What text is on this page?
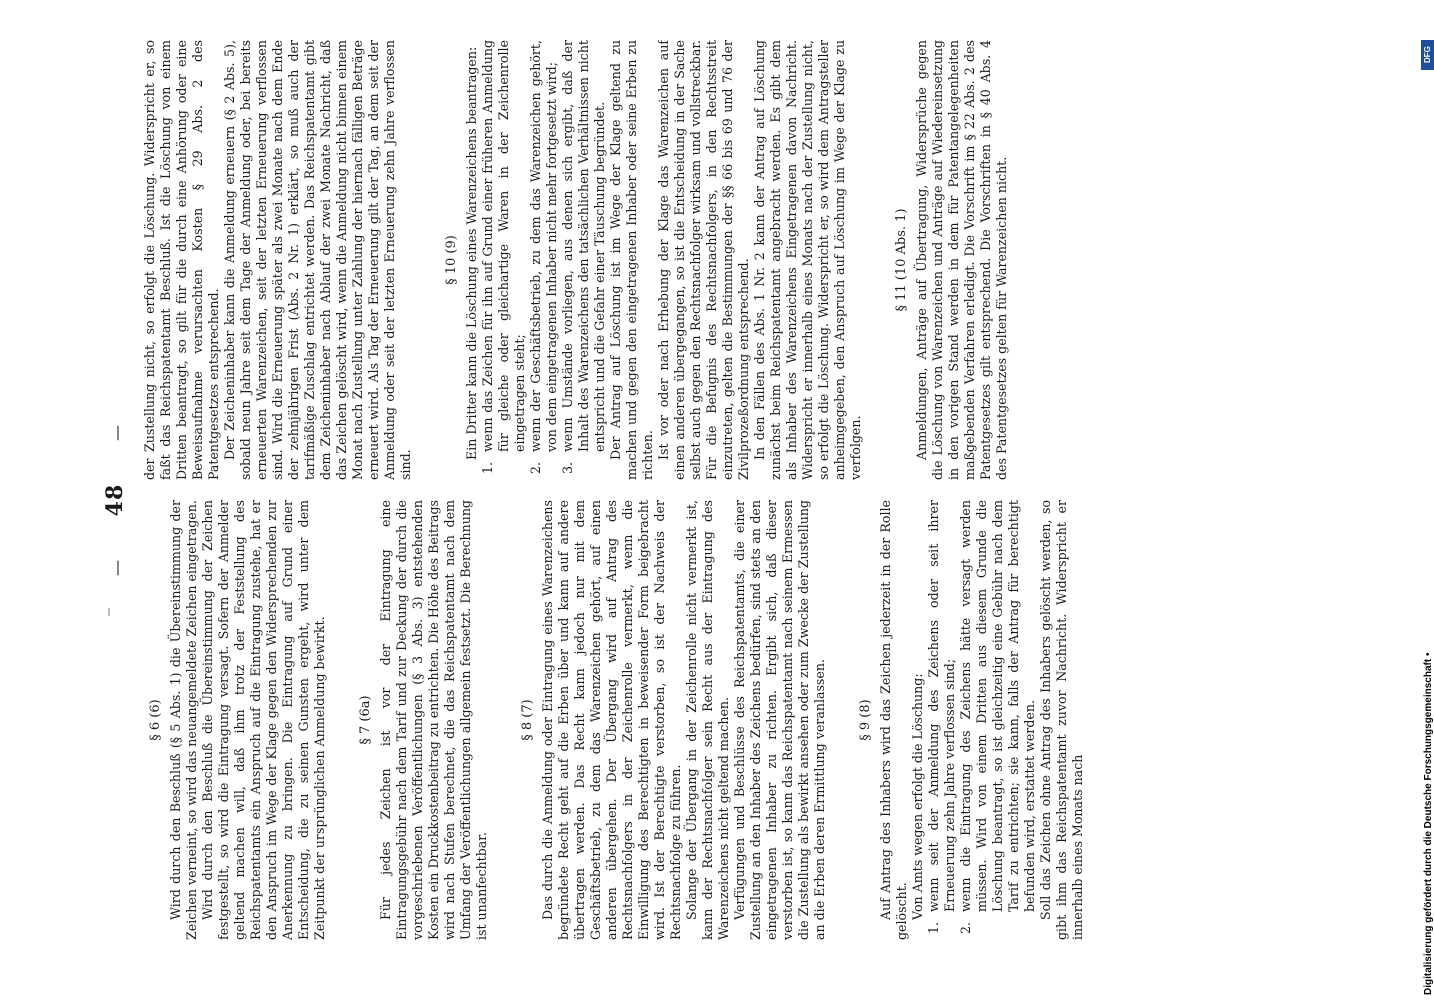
— 48 —
§ 6 (6) Wird durch den Beschluß (§ 5 Abs. 1) die Übereinstimmung der Zeichen verneint, so wird das neuangemeldete Zeichen eingetragen. Wird durch den Beschluß die Übereinstimmung der Zeichen festgestellt, so wird die Eintragung versagt. Sofern der Anmelder geltend machen will, daß ihm trotz der Feststellung des Reichspatentamts ein Anspruch auf die Eintragung zustehe, hat er den Anspruch im Wege der Klage gegen den Widersprechenden zur Anerkennung zu bringen. Die Eintragung auf Grund einer Entscheidung, die zu seinen Gunsten ergeht, wird unter dem Zeitpunkt der ursprünglichen Anmeldung bewirkt. § 7 (6a) Für jedes Zeichen ist vor der Eintragung eine Eintragungsgebühr nach dem Tarif und zur Deckung der durch die vorgeschriebenen Veröffentlichungen (§ 3 Abs. 3) entstehenden Kosten ein Druckkostenbeitrag zu entrichten. Die Höhe des Beitrags wird nach Stufen berechnet, die das Reichspatentamt nach dem Umfang der Veröffentlichungen allgemein festsetzt. Die Berechnung ist unanfechtbar.

§ 8 (7) Das durch die Anmeldung oder Eintragung eines Warenzeichens begründete Recht geht auf die Erben über und kann auf andere übertragen werden. Das Recht kann jedoch nur mit dem Geschäftsbetrieb, zu dem das Warenzeichen gehört, auf einen anderen übergehen. Der Übergang wird auf Antrag des Rechtsnachfolgers in der Zeichenrolle vermerkt, wenn die Einwilligung des Berechtigten in beweisender Form beigebracht wird. Ist der Berechtigte verstorben, so ist der Nachweis der Rechtsnachfolge zu führen. Solange der Übergang in der Zeichenrolle nicht vermerkt ist, kann der Rechtsnachfolger sein Recht aus der Eintragung des Warenzeichens nicht geltend machen. Verfügungen und Beschlüsse des Reichspatentamts, die einer Zustellung an den Inhaber des Zeichens bedürfen, sind stets an den eingetragenen Inhaber zu richten. Ergibt sich, daß dieser verstorben ist, so kann das Reichspatentamt nach seinem Ermessen die Zustellung als bewirkt ansehen oder zum Zwecke der Zustellung an die Erben deren Ermittlung veranlassen. § 9 (8) Auf Antrag des Inhabers wird das Zeichen jederzeit in der Rolle gelöscht. Von Amts wegen erfolgt die Löschung:

1.
wenn seit der Anmeldung des Zeichens oder seit ihrer Erneuerung zehn Jahre verflossen sind;
2.
wenn die Eintragung des Zeichens hätte versagt werden müssen. Wird von einem Dritten aus diesem Grunde die Löschung beantragt, so ist gleichzeitig eine Gebühr nach dem Tarif zu entrichten; sie kann, falls der Antrag für berechtigt befunden wird, erstattet werden. Soll das Zeichen ohne Antrag des Inhabers gelöscht werden, so gibt ihm das Reichspatentamt zuvor Nachricht. Widerspricht er innerhalb eines Monats nach

der Zustellung nicht, so erfolgt die Löschung. Widerspricht er, so faßt das Reichspatentamt Beschluß. Ist die Löschung von einem Dritten beantragt, so gilt für die durch eine Anhörung oder eine Beweisaufnahme verursachten Kosten § 29 Abs. 2 des Patentgesetzes entsprechend. Der Zeicheninhaber kann die Anmeldung erneuern (§ 2 Abs. 5), sobald neun Jahre seit dem Tage der Anmeldung oder, bei bereits erneuerten Warenzeichen, seit der letzten Erneuerung verflossen sind. Wird die Erneuerung später als zwei Monate nach dem Ende der zehnjährigen Frist (Abs. 2 Nr. 1) erklärt, so muß auch der tarifmäßige Zuschlag entrichtet werden. Das Reichspatentamt gibt dem Zeicheninhaber nach Ablauf der zwei Monate Nachricht, daß das Zeichen gelöscht wird, wenn die Anmeldung nicht binnen einem Monat nach Zustellung unter Zahlung der hiernach fälligen Beträge erneuert wird. Als Tag der Erneuerung gilt der Tag, an dem seit der Anmeldung oder seit der letzten Erneuerung zehn Jahre verflossen sind.

§ 10 (9) Ein Dritter kann die Löschung eines Warenzeichens beantragen:

1.
wenn das Zeichen für ihn auf Grund einer früheren Anmeldung für gleiche oder gleichartige Waren in der Zeichenrolle eingetragen steht;
2.
wenn der Geschäftsbetrieb, zu dem das Warenzeichen gehört, von dem eingetragenen Inhaber nicht mehr fortgesetzt wird;
3.
wenn Umstände vorliegen, aus denen sich ergibt, daß der Inhalt des Warenzeichens den tatsächlichen Verhältnissen nicht entspricht und die Gefahr einer Täuschung begründet. Der Antrag auf Löschung ist im Wege der Klage geltend zu machen und gegen den eingetragenen Inhaber oder seine Erben zu richten. Ist vor oder nach Erhebung der Klage das Warenzeichen auf einen anderen übergegangen, so ist die Entscheidung in der Sache selbst auch gegen den Rechtsnachfolger wirksam und vollstreckbar. Für die Befugnis des Rechtsnachfolgers, in den Rechtsstreit einzutreten, gelten die Bestimmungen der §§ 66 bis 69 und 76 der Zivilprozeßordnung entsprechend. In den Fällen des Abs. 1 Nr. 2 kann der Antrag auf Löschung zunächst beim Reichspatentamt angebracht werden. Es gibt dem als Inhaber des Warenzeichens Eingetragenen davon Nachricht. Widerspricht er innerhalb eines Monats nach der Zustellung nicht, so erfolgt die Löschung. Widerspricht er, so wird dem Antragsteller anheimgegeben, den Anspruch auf Löschung im Wege der Klage zu verfolgen.

§ 11 (10 Abs. 1) Anmeldungen, Anträge auf Übertragung, Widersprüche gegen die Löschung von Warenzeichen und Anträge auf Wiedereinsetzung in den vorigen Stand werden in dem für Patentangelegenheiten maßgebenden Verfahren erledigt. Die Vorschrift im § 22 Abs. 2 des Patentgesetzes gilt entsprechend. Die Vorschriften in § 40 Abs. 4 des Patentgesetzes gelten für Warenzeichen nicht.

DFG
Digitalisierung gefördert durch die Deutsche Forschungsgemeinschaft •
